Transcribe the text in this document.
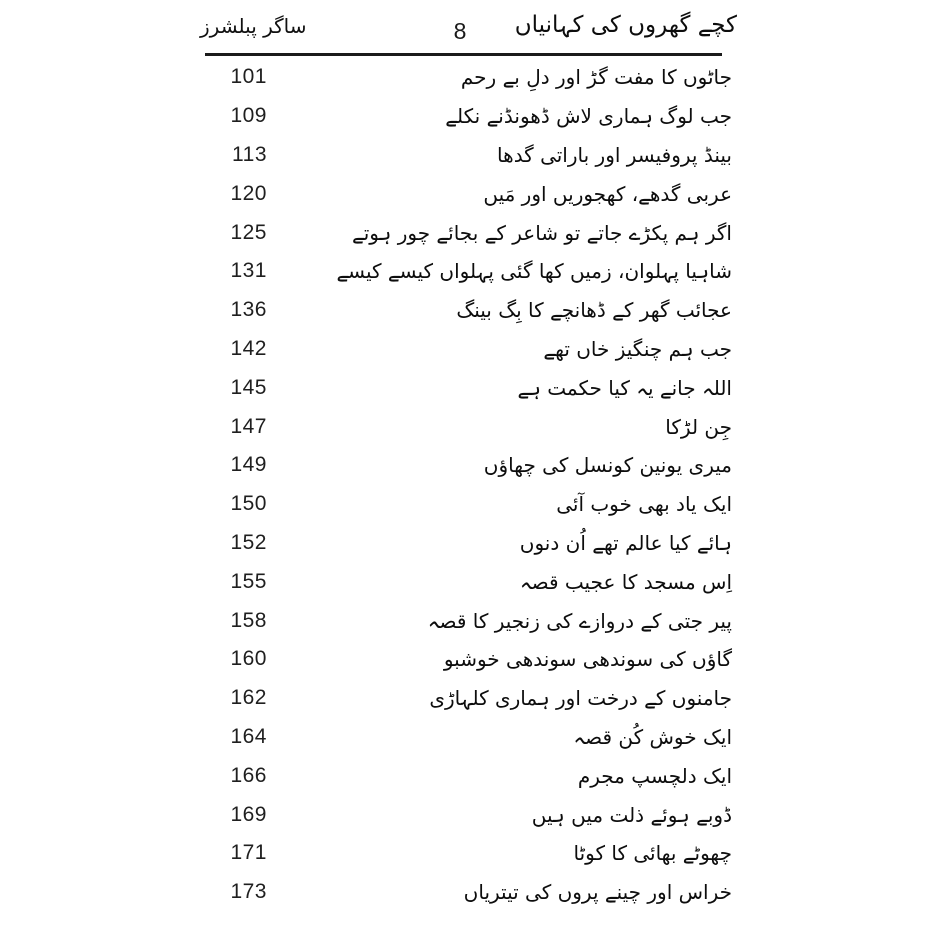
ساگر پبلشرز	8	کچے گھروں کی کہانیاں
101	جاٹوں کا مفت گڑ اور دلِ بے رحم
109	جب لوگ ہماری لاش ڈھونڈنے نکلے
113	بینڈ پروفیسر اور باراتی گدھا
120	عربی گدھے، کھجوریں اور مَیں
125	اگر ہم پکڑے جاتے تو شاعر کے بجائے چور ہوتے
131	شاہیا پہلوان، زمیں کھا گئی پہلواں کیسے کیسے
136	عجائب گھر کے ڈھانچے کا بِگ بینگ
142	جب ہم چنگیز خاں تھے
145	اللہ جانے یہ کیا حکمت ہے
147	جِن لڑکا
149	میری یونین کونسل کی چھاؤں
150	ایک یاد بھی خوب آئی
152	ہائے کیا عالم تھے اُن دنوں
155	اِس مسجد کا عجیب قصہ
158	پیر جتی کے دروازے کی زنجیر کا قصہ
160	گاؤں کی سوندھی سوندھی خوشبو
162	جامنوں کے درخت اور ہماری کلہاڑی
164	ایک خوش کُن قصہ
166	ایک دلچسپ مجرم
169	ڈوبے ہوئے ذلت میں ہیں
171	چھوٹے بھائی کا کوٹا
173	خراس اور چینے پروں کی تیتریاں
